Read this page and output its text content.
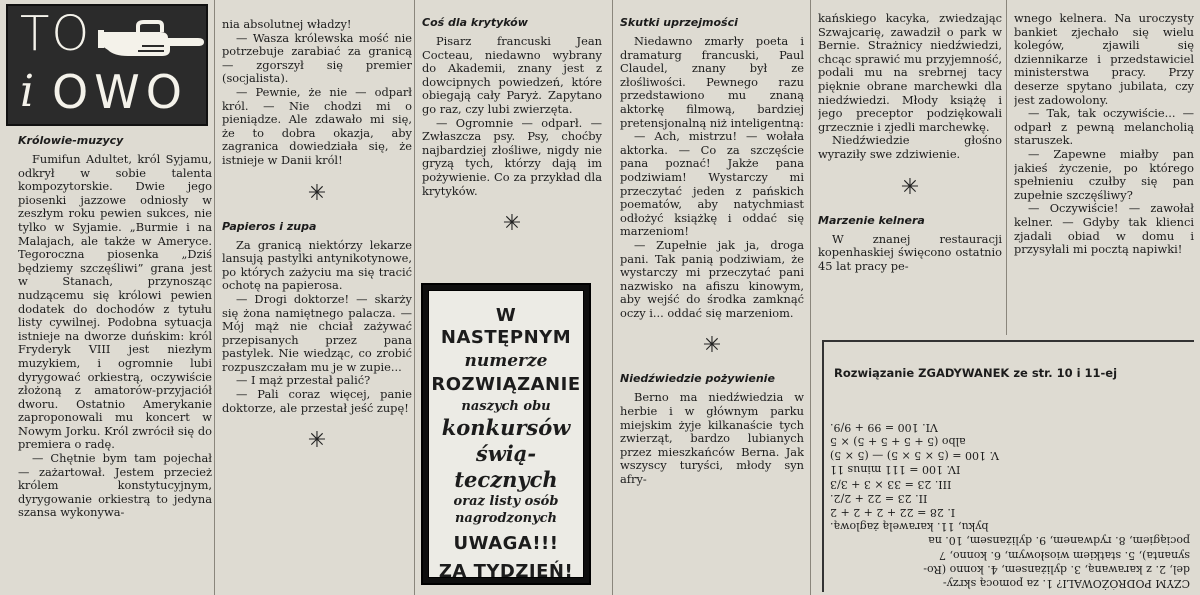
TO
i OWO
Królowie-muzycy

Fumifun Adultet, król Syjamu, odkrył w sobie talenta kompozytorskie. Dwie jego piosenki jazzowe odniosły w zeszłym roku pewien sukces, nie tylko w Syjamie. „Burmie i na Malajach, ale także w Ameryce. Tegoroczna piosenka „Dziś będziemy szczęśliwi” grana jest w Stanach, przynosząc nudzącemu się królowi pewien dodatek do dochodów z tytułu listy cywilnej. Podobna sytuacja istnieje na dworze duńskim: król Fryderyk VIII jest niezłym muzykiem, i ogromnie lubi dyrygować orkiestrą, oczywiście złożoną z amatorów-przyjaciół dworu. Ostatnio Amerykanie zaproponowali mu koncert w Nowym Jorku. Król zwrócił się do premiera o radę.

— Chętnie bym tam pojechał — zażartował. Jestem przecież królem konstytucyjnym, dyrygowanie orkiestrą to jedyna szansa wykonywa-

nia absolutnej władzy!

— Wasza królewska mość nie potrzebuje zarabiać za granicą — zgorszył się premier (socjalista).

— Pewnie, że nie — odparł król. — Nie chodzi mi o pieniądze. Ale zdawało mi się, że to dobra okazja, aby zagranica dowiedziała się, że istnieje w Danii król!

✳
Papieros i zupa

Za granicą niektórzy lekarze lansują pastylki antynikotynowe, po których zażyciu ma się tracić ochotę na papierosa.

— Drogi doktorze! — skarży się żona namiętnego palacza. — Mój mąż nie chciał zażywać przepisanych przez pana pastylek. Nie wiedząc, co zrobić rozpuszczałam mu je w zupie...

— I mąż przestał palić?

— Pali coraz więcej, panie doktorze, ale przestał jeść zupę!

✳
Coś dla krytyków

Pisarz francuski Jean Cocteau, niedawno wybrany do Akademii, znany jest z dowcipnych powiedzeń, które obiegają cały Paryż. Zapytano go raz, czy lubi zwierzęta.

— Ogromnie — odparł. — Zwłaszcza psy. Psy, choćby najbardziej złośliwe, nigdy nie gryzą tych, którzy dają im pożywienie. Co za przykład dla krytyków.

✳
W NASTĘPNYM
numerze
ROZWIĄZANIE
naszych obu
konkursów
świą-
tecznych
oraz listy osób
nagrodzonych
UWAGA!!!
ZA TYDZIEŃ!
Skutki uprzejmości

Niedawno zmarły poeta i dramaturg francuski, Paul Claudel, znany był ze złośliwości. Pewnego razu przedstawiono mu znaną aktorkę filmową, bardziej pretensjonalną niż inteligentną:

— Ach, mistrzu! — wołała aktorka. — Co za szczęście pana poznać! Jakże pana podziwiam! Wystarczy mi przeczytać jeden z pańskich poematów, aby natychmiast odłożyć książkę i oddać się marzeniom!

— Zupełnie jak ja, droga pani. Tak panią podziwiam, że wystarczy mi przeczytać pani nazwisko na afiszu kinowym, aby wejść do środka zamknąć oczy i... oddać się marzeniom.

✳
Niedźwiedzie pożywienie

Berno ma niedźwiedzia w herbie i w głównym parku miejskim żyje kilkanaście tych zwierząt, bardzo lubianych przez mieszkańców Berna. Jak wszyscy turyści, młody syn afry-

kańskiego kacyka, zwiedzając Szwajcarię, zawadził o park w Bernie. Strażnicy niedźwiedzi, chcąc sprawić mu przyjemność, podali mu na srebrnej tacy pięknie obrane marchewki dla niedźwiedzi. Młody książę i jego preceptor podziękowali grzecznie i zjedli marchewkę.

Niedźwiedzie głośno wyraziły swe zdziwienie.

✳
Marzenie kelnera

W znanej restauracji kopenhaskiej święcono ostatnio 45 lat pracy pe-

wnego kelnera. Na uroczysty bankiet zjechało się wielu kolegów, zjawili się dziennikarze i przedstawiciel ministerstwa pracy. Przy deserze spytano jubilata, czy jest zadowolony.

— Tak, tak oczywiście... — odparł z pewną melancholią staruszek.

— Zapewne miałby pan jakieś życzenie, po którego spełnieniu czułby się pan zupełnie szczęśliwy?

— Oczywiście! — zawołał kelner. — Gdyby tak klienci zjadali obiad w domu i przysyłali mi pocztą napiwki!

Rozwiązanie ZGADYWANEK ze str. 10 i 11-ej
CZYM PODRÓŻOWALI? 1. za pomocą skrzy-
del, 2. z karawaną, 3. dyliżansem, 4. konno (Ro-
synanta), 5. statkiem wiosłowym, 6. konno, 7
pociągiem, 8. rydwanem, 9. dyliżansem, 10. na
byku, 11. karawelą żaglową.
I. 28 = 22 + 2 + 2 + 2
II. 23 = 22 + 2/2.
III. 23 = 33 × 3 + 3/3
IV. 100 = 111 minus 11
V. 100 = (5 × 5 × 5) — (5 × 5)
albo (5 + 5 + 5 + 5) × 5
VI. 100 = 99 + 9/9.
